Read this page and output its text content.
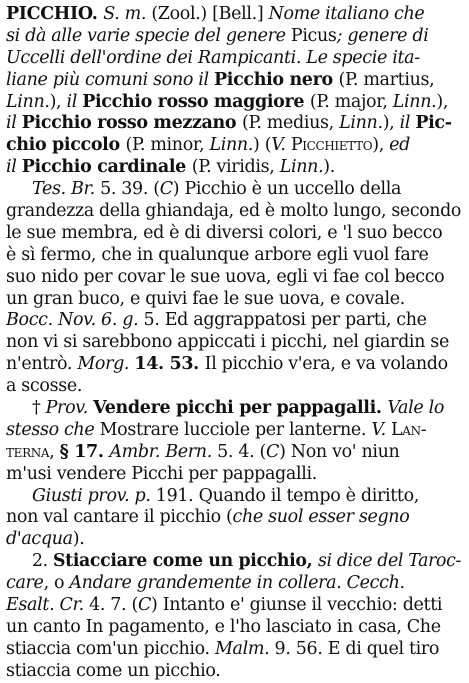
PICCHIO. S. m. (Zool.) [Bell.] Nome italiano che
si dà alle varie specie del genere Picus; genere di
Uccelli dell'ordine dei Rampicanti. Le specie ita-
liane più comuni sono il Picchio nero (P. martius,
Linn.), il Picchio rosso maggiore (P. major, Linn.),
il Picchio rosso mezzano (P. medius, Linn.), il Pic-
chio piccolo (P. minor, Linn.) (V. Picchietto), ed
il Picchio cardinale (P. viridis, Linn.).
Tes. Br. 5. 39. (C) Picchio è un uccello della
grandezza della ghiandaja, ed è molto lungo, secondo
le sue membra, ed è di diversi colori, e 'l suo becco
è sì fermo, che in qualunque arbore egli vuol fare
suo nido per covar le sue uova, egli vi fae col becco
un gran buco, e quivi fae le sue uova, e covale.
Bocc. Nov. 6. g. 5. Ed aggrappatosi per parti, che
non vi si sarebbono appiccati i picchi, nel giardin se
n'entrò. Morg. 14. 53. Il picchio v'era, e va volando
a scosse.
† Prov. Vendere picchi per pappagalli. Vale lo
stesso che Mostrare lucciole per lanterne. V. Lan-
terna, § 17. Ambr. Bern. 5. 4. (C) Non vo' niun
m'usi vendere Picchi per pappagalli.
Giusti prov. p. 191. Quando il tempo è diritto,
non val cantare il picchio (che suol esser segno
d'acqua).
2. Stiacciare come un picchio, si dice del Taroc-
care, o Andare grandemente in collera. Cecch.
Esalt. Cr. 4. 7. (C) Intanto e' giunse il vecchio: detti
un canto In pagamento, e l'ho lasciato in casa, Che
stiaccia com'un picchio. Malm. 9. 56. E di quel tiro
stiaccia come un picchio.
